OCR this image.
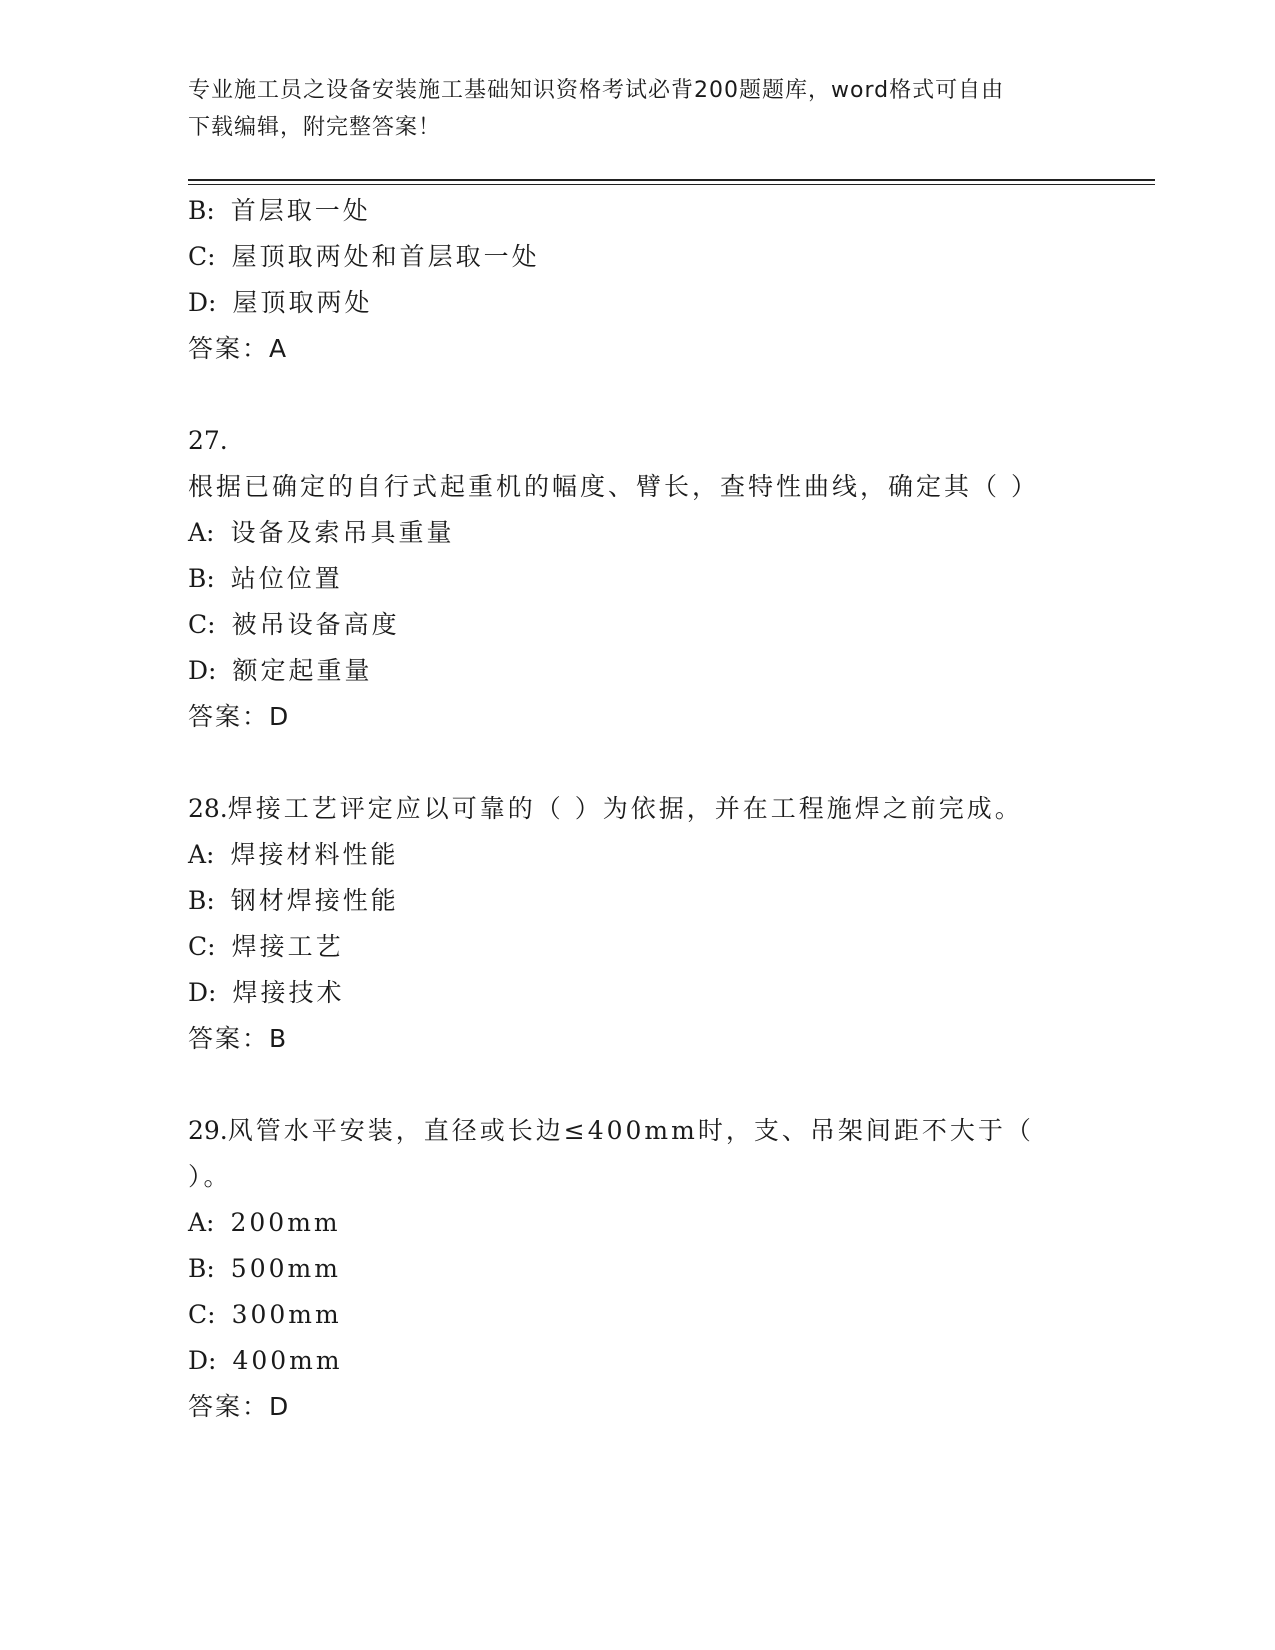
专业施工员之设备安装施工基础知识资格考试必背200题题库，word格式可自由
下载编辑，附完整答案！
B: 首层取一处
C: 屋顶取两处和首层取一处
D: 屋顶取两处
答案：A
27.根据已确定的自行式起重机的幅度、臂长，查特性曲线，确定其（ ）
A: 设备及索吊具重量
B: 站位位置
C: 被吊设备高度
D: 额定起重量
答案：D
28.焊接工艺评定应以可靠的（ ）为依据，并在工程施焊之前完成。
A: 焊接材料性能
B: 钢材焊接性能
C: 焊接工艺
D: 焊接技术
答案：B
29.风管水平安装，直径或长边≤400mm时，支、吊架间距不大于（ ）。
A: 200mm
B: 500mm
C: 300mm
D: 400mm
答案：D
